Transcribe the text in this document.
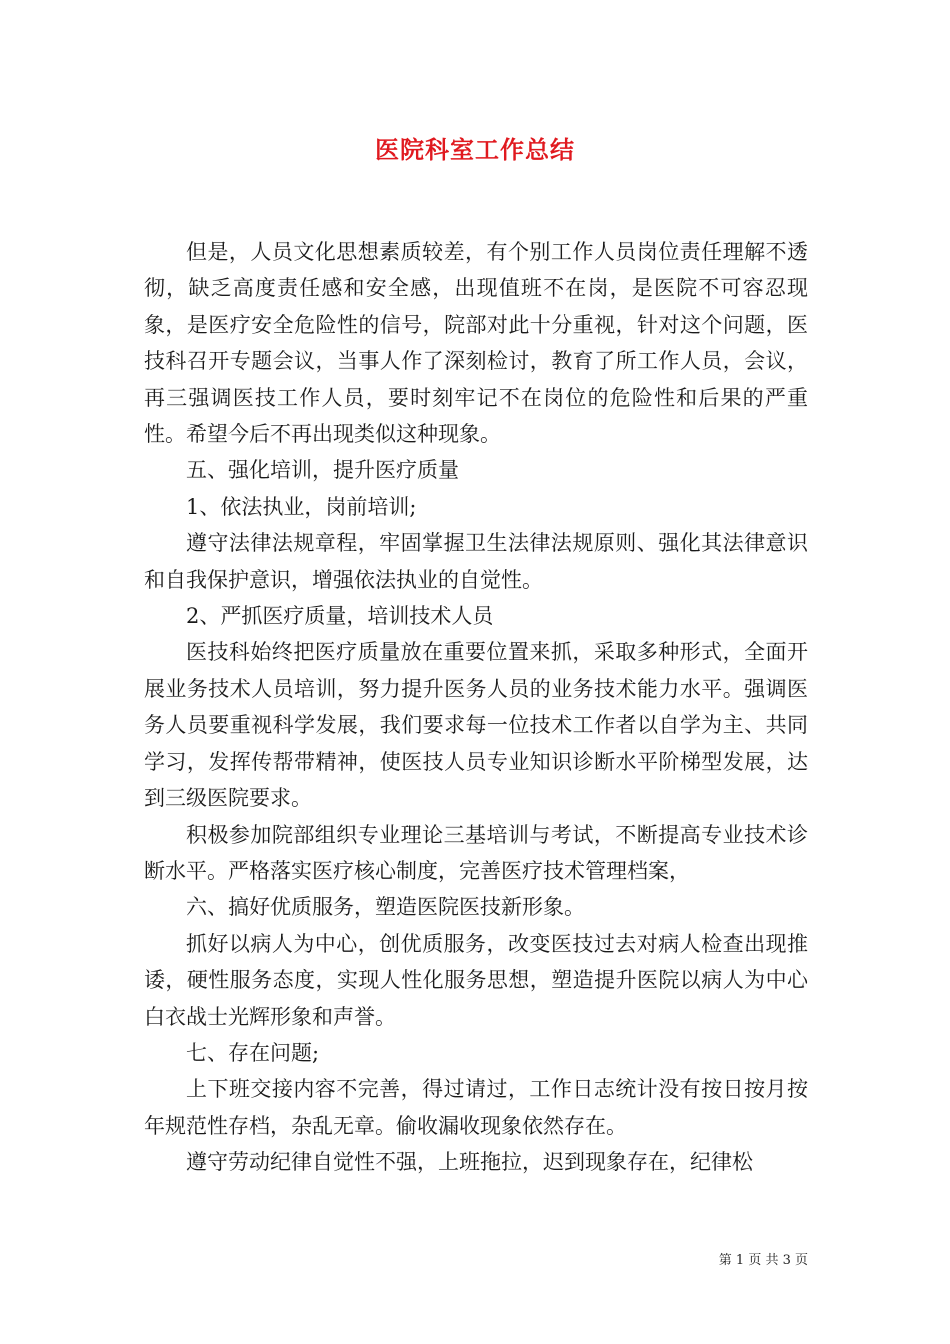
医院科室工作总结

但是，人员文化思想素质较差，有个别工作人员岗位责任理解不透彻，缺乏高度责任感和安全感，出现值班不在岗，是医院不可容忍现象，是医疗安全危险性的信号，院部对此十分重视，针对这个问题，医技科召开专题会议，当事人作了深刻检讨，教育了所工作人员，会议，再三强调医技工作人员，要时刻牢记不在岗位的危险性和后果的严重性。希望今后不再出现类似这种现象。

五、强化培训，提升医疗质量

1、依法执业，岗前培训;

遵守法律法规章程，牢固掌握卫生法律法规原则、强化其法律意识和自我保护意识，增强依法执业的自觉性。

2、严抓医疗质量，培训技术人员

医技科始终把医疗质量放在重要位置来抓，采取多种形式，全面开展业务技术人员培训，努力提升医务人员的业务技术能力水平。强调医务人员要重视科学发展，我们要求每一位技术工作者以自学为主、共同学习，发挥传帮带精神，使医技人员专业知识诊断水平阶梯型发展，达到三级医院要求。

积极参加院部组织专业理论三基培训与考试，不断提高专业技术诊断水平。严格落实医疗核心制度，完善医疗技术管理档案，

六、搞好优质服务，塑造医院医技新形象。

抓好以病人为中心，创优质服务，改变医技过去对病人检查出现推诿，硬性服务态度，实现人性化服务思想，塑造提升医院以病人为中心白衣战士光辉形象和声誉。

七、存在问题;

上下班交接内容不完善，得过请过，工作日志统计没有按日按月按年规范性存档，杂乱无章。偷收漏收现象依然存在。

遵守劳动纪律自觉性不强，上班拖拉，迟到现象存在，纪律松

第 1 页 共 3 页
